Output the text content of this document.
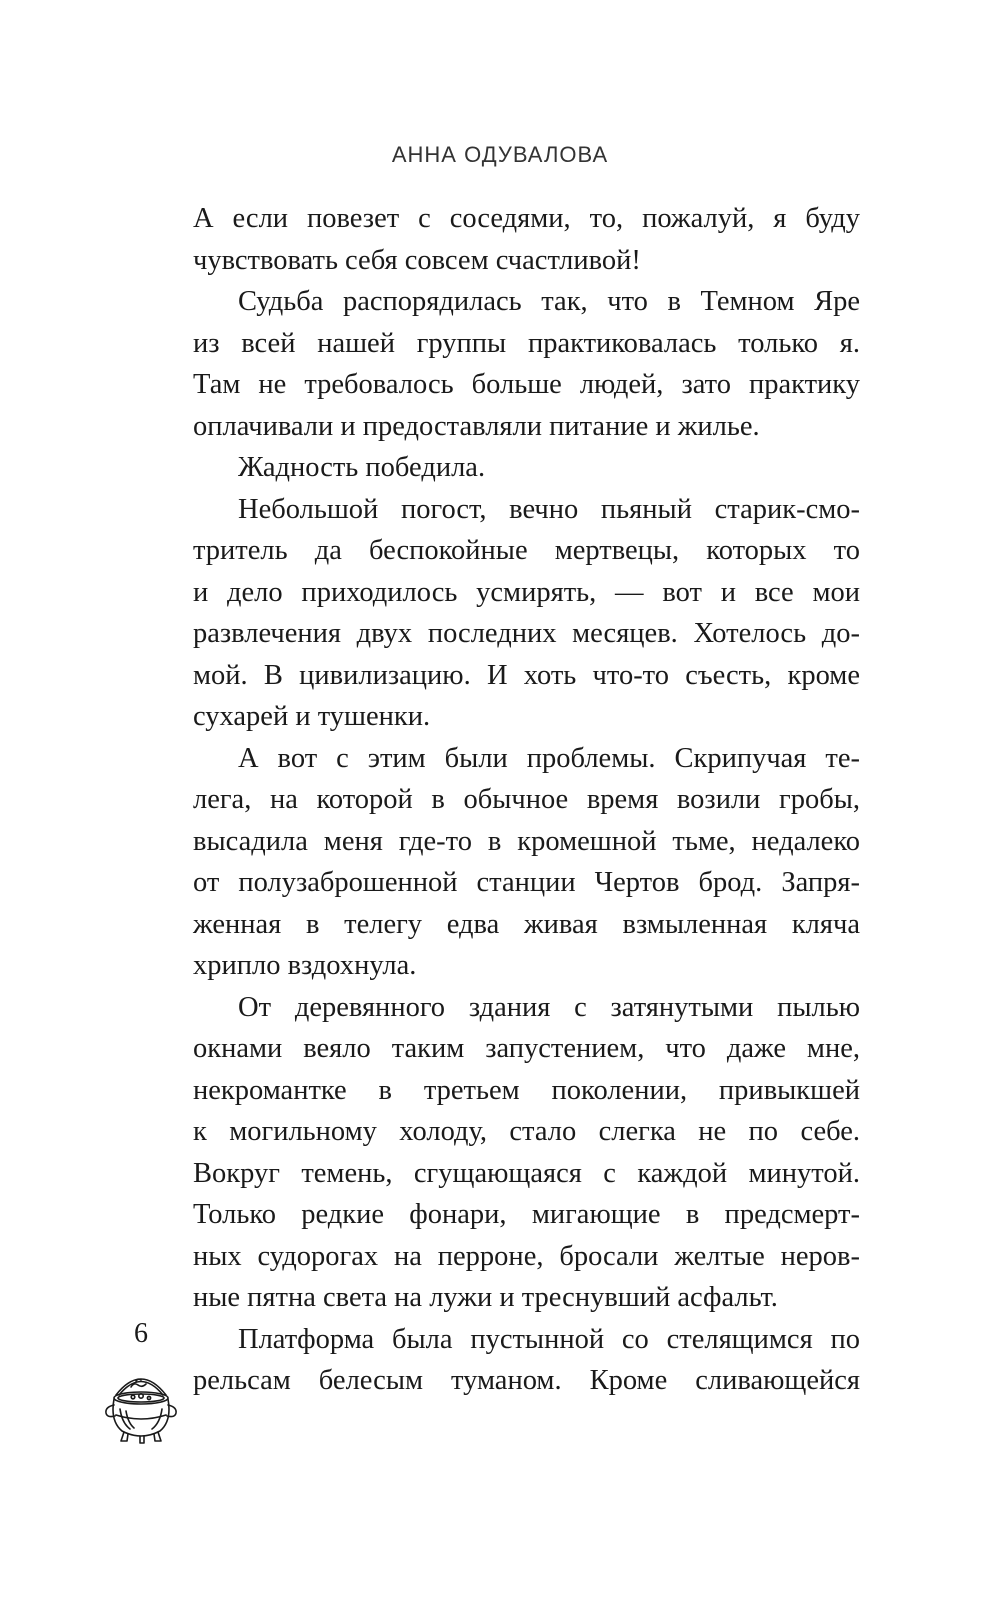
АННА ОДУВАЛОВА
А если повезет с соседями, то, пожалуй, я буду
чувствовать себя совсем счастливой!
Судьба распорядилась так, что в Темном Яре
из всей нашей группы практиковалась только я.
Там не требовалось больше людей, зато практику
оплачивали и предоставляли питание и жилье.
Жадность победила.
Небольшой погост, вечно пьяный старик-смо-
тритель да беспокойные мертвецы, которых то
и дело приходилось усмирять, — вот и все мои
развлечения двух последних месяцев. Хотелось до-
мой. В цивилизацию. И хоть что-то съесть, кроме
сухарей и тушенки.
А вот с этим были проблемы. Скрипучая те-
лега, на которой в обычное время возили гробы,
высадила меня где-то в кромешной тьме, недалеко
от полузаброшенной станции Чертов брод. Запря-
женная в телегу едва живая взмыленная кляча
хрипло вздохнула.
От деревянного здания с затянутыми пылью
окнами веяло таким запустением, что даже мне,
некромантке в третьем поколении, привыкшей
к могильному холоду, стало слегка не по себе.
Вокруг темень, сгущающаяся с каждой минутой.
Только редкие фонари, мигающие в предсмерт-
ных судорогах на перроне, бросали желтые неров-
ные пятна света на лужи и треснувший асфальт.
Платформа была пустынной со стелящимся по
рельсам белесым туманом. Кроме сливающейся
6
